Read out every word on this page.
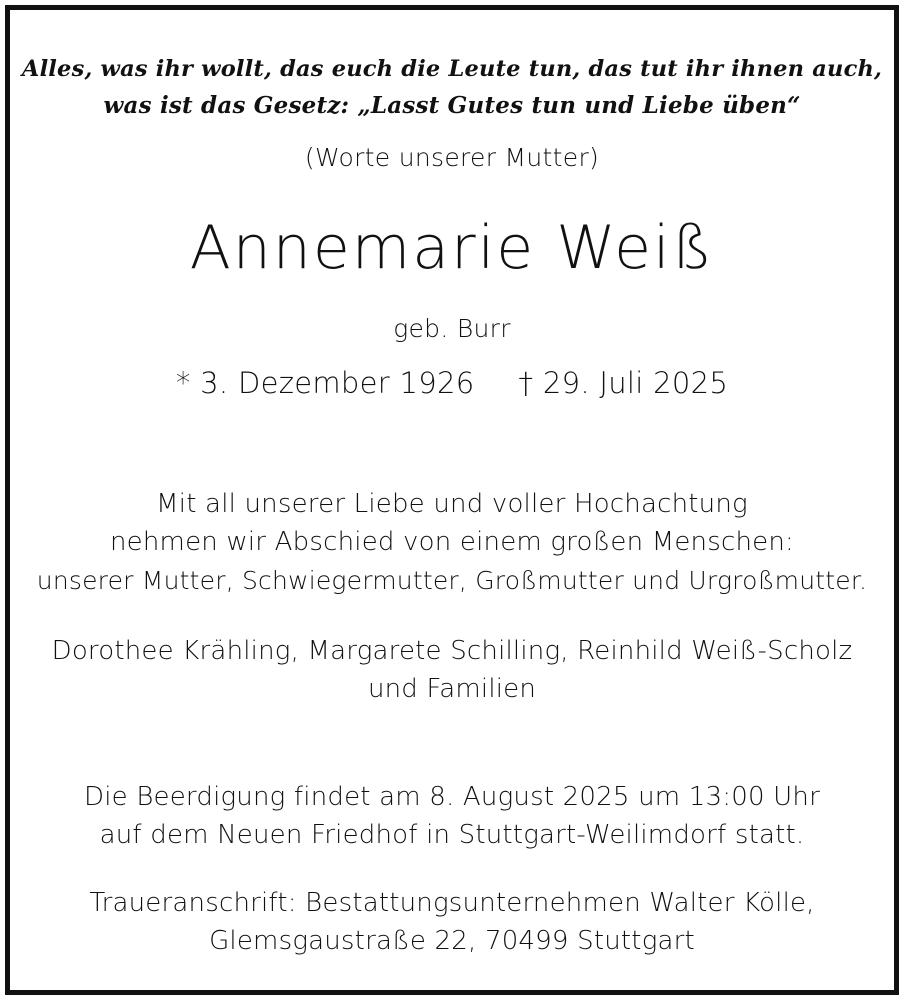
Alles, was ihr wollt, das euch die Leute tun, das tut ihr ihnen auch,
was ist das Gesetz: „Lasst Gutes tun und Liebe üben“
(Worte unserer Mutter)
Annemarie Weiß
geb. Burr
* 3. Dezember 1926 † 29. Juli 2025
Mit all unserer Liebe und voller Hochachtung
nehmen wir Abschied von einem großen Menschen:
unserer Mutter, Schwiegermutter, Großmutter und Urgroßmutter.
Dorothee Krähling, Margarete Schilling, Reinhild Weiß-Scholz
und Familien
Die Beerdigung findet am 8. August 2025 um 13:00 Uhr
auf dem Neuen Friedhof in Stuttgart-Weilimdorf statt.
Traueranschrift: Bestattungsunternehmen Walter Kölle,
Glemsgaustraße 22, 70499 Stuttgart
